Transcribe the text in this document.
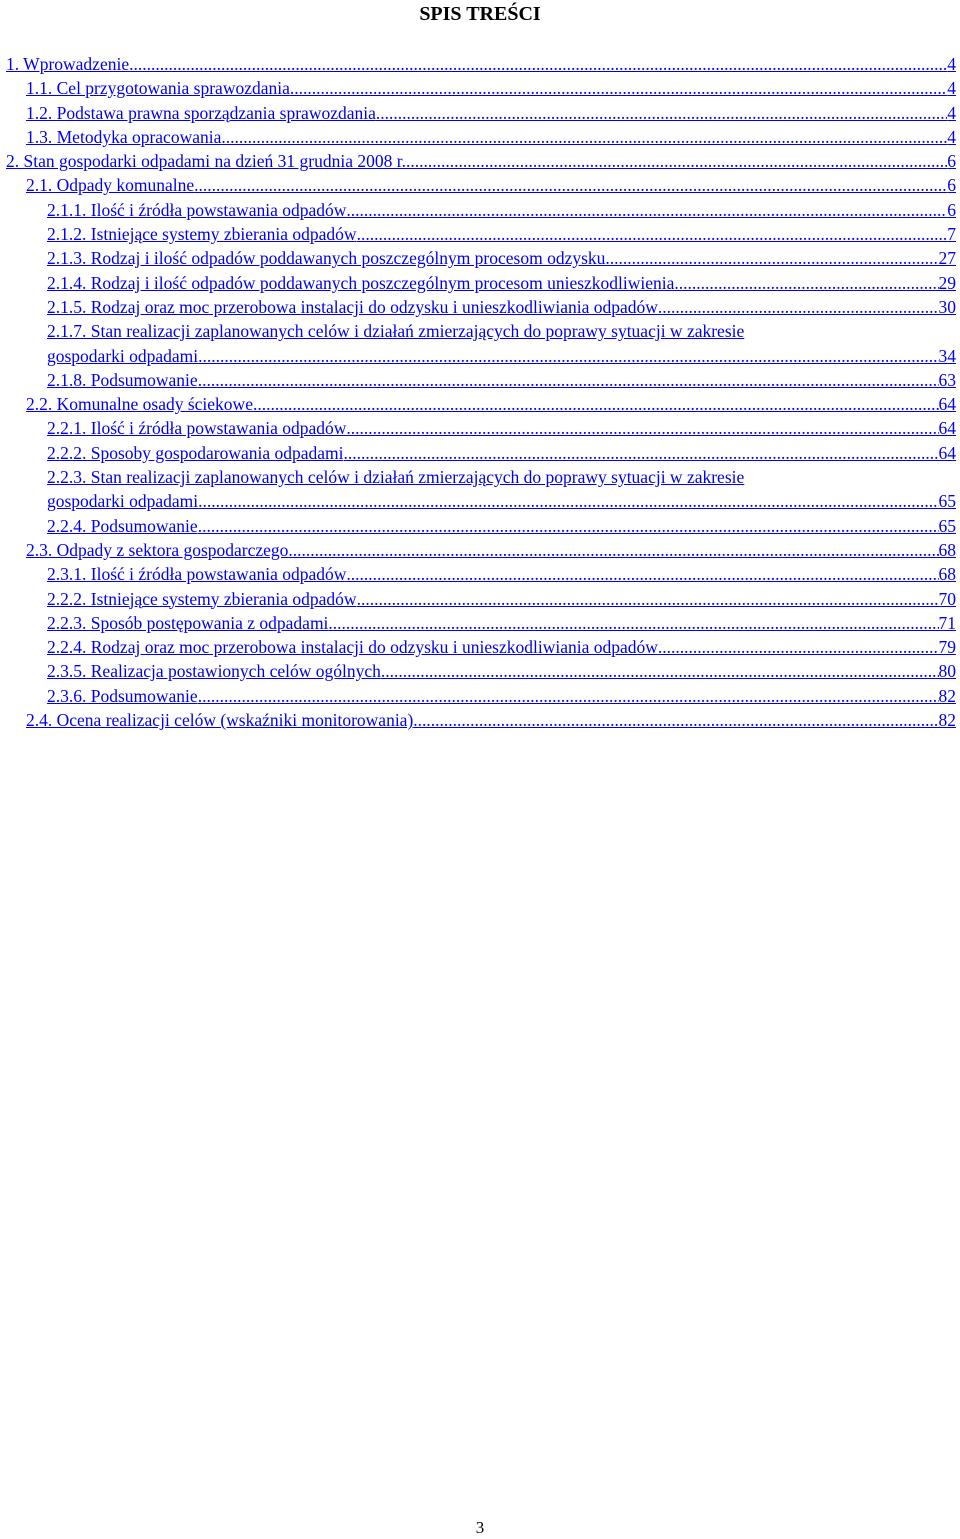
SPIS TREŚCI
1. Wprowadzenie .....	4
1.1. Cel przygotowania sprawozdania .....	4
1.2. Podstawa prawna sporządzania sprawozdania .....	4
1.3. Metodyka opracowania .....	4
2. Stan gospodarki odpadami na dzień 31 grudnia 2008 r. .....	6
2.1. Odpady komunalne .....	6
2.1.1. Ilość i źródła powstawania odpadów .....	6
2.1.2. Istniejące systemy zbierania odpadów .....	7
2.1.3. Rodzaj i ilość odpadów poddawanych poszczególnym procesom odzysku .....	27
2.1.4. Rodzaj i ilość odpadów poddawanych poszczególnym procesom unieszkodliwienia .....	29
2.1.5. Rodzaj oraz moc przerobowa instalacji do odzysku i unieszkodliwiania odpadów .....	30
2.1.7. Stan realizacji zaplanowanych celów i działań zmierzających do poprawy sytuacji w zakresie
gospodarki odpadami .....	34
2.1.8. Podsumowanie .....	63
2.2. Komunalne osady ściekowe .....	64
2.2.1. Ilość i źródła powstawania odpadów .....	64
2.2.2. Sposoby gospodarowania odpadami .....	64
2.2.3. Stan realizacji zaplanowanych celów i działań zmierzających do poprawy sytuacji w zakresie
gospodarki odpadami .....	65
2.2.4. Podsumowanie .....	65
2.3. Odpady z sektora gospodarczego .....	68
2.3.1. Ilość i źródła powstawania odpadów .....	68
2.2.2. Istniejące systemy zbierania odpadów .....	70
2.2.3. Sposób postępowania z odpadami .....	71
2.2.4. Rodzaj oraz moc przerobowa instalacji do odzysku i unieszkodliwiania odpadów .....	79
2.3.5. Realizacja postawionych celów ogólnych .....	80
2.3.6. Podsumowanie .....	82
2.4. Ocena realizacji celów (wskaźniki monitorowania) .....	82
3
